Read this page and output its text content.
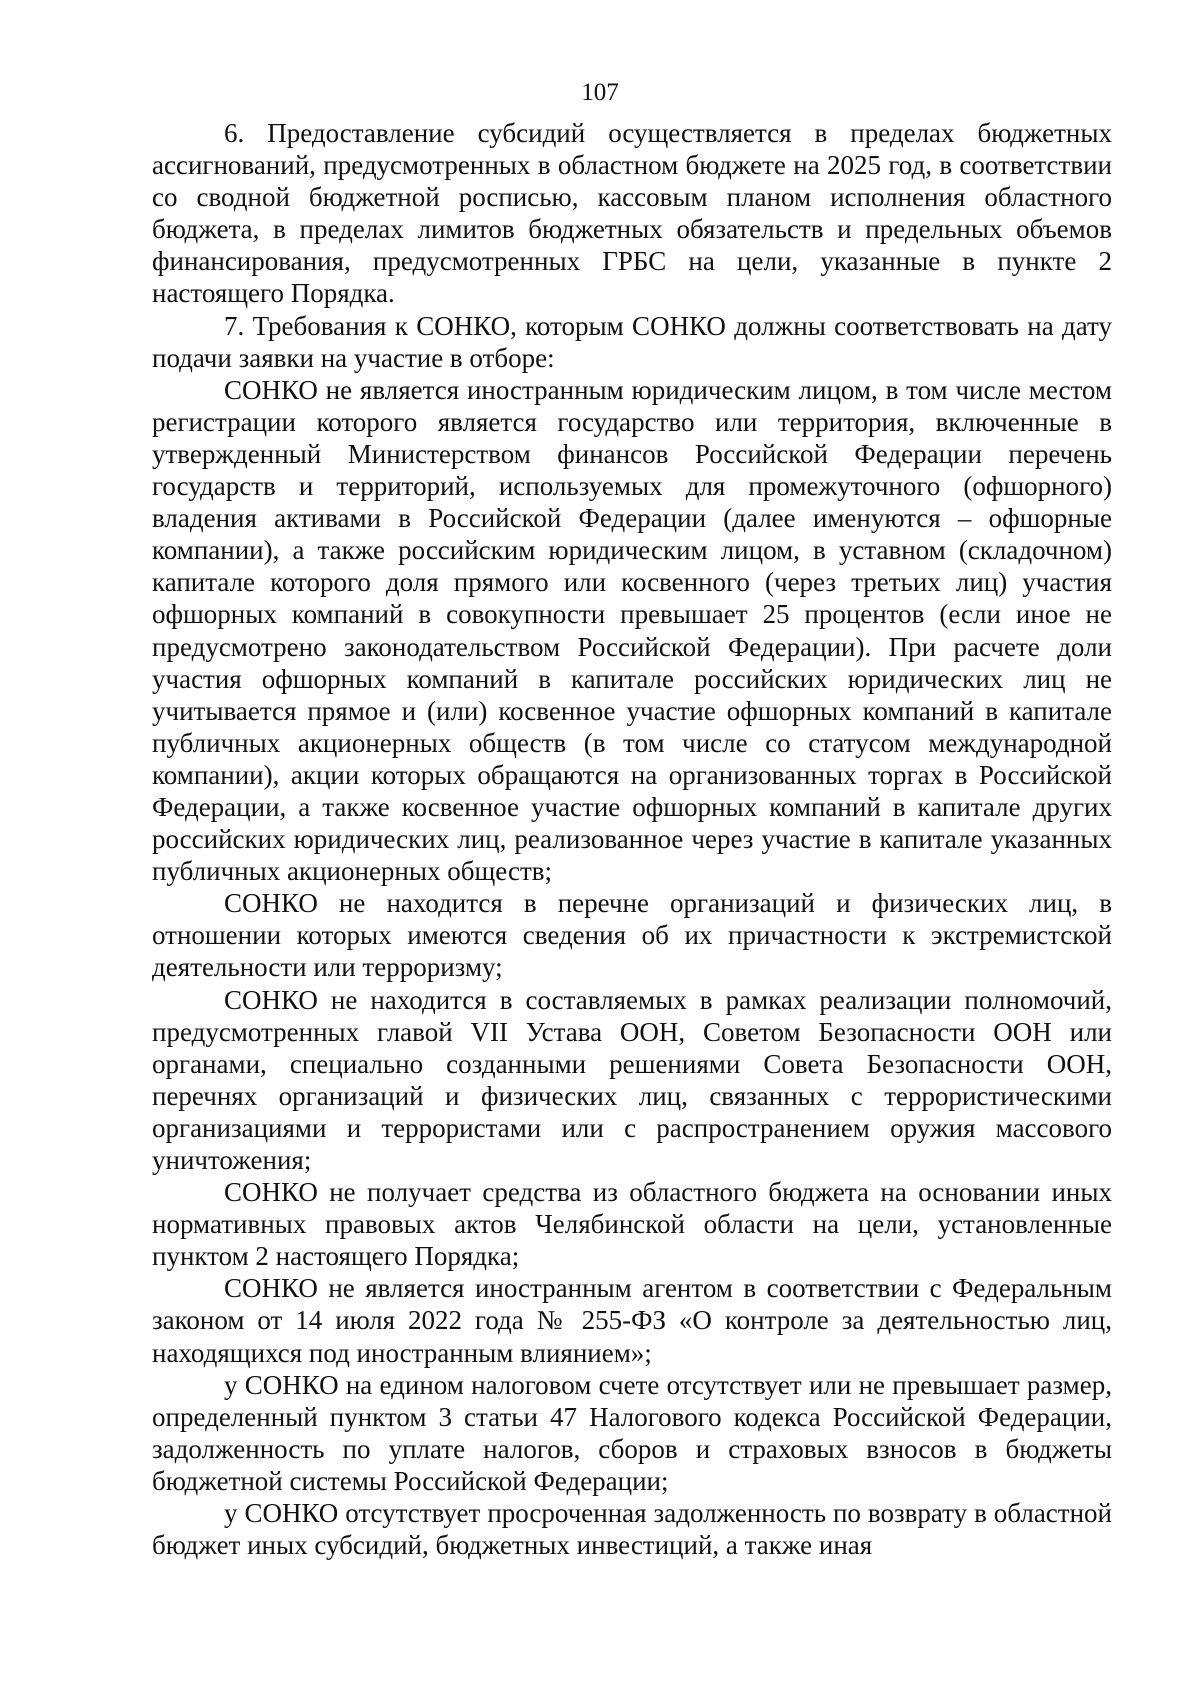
107

6. Предоставление субсидий осуществляется в пределах бюджетных ассигнований, предусмотренных в областном бюджете на 2025 год, в соответствии со сводной бюджетной росписью, кассовым планом исполнения областного бюджета, в пределах лимитов бюджетных обязательств и предельных объемов финансирования, предусмотренных ГРБС на цели, указанные в пункте 2 настоящего Порядка.

7. Требования к СОНКО, которым СОНКО должны соответствовать на дату подачи заявки на участие в отборе:

СОНКО не является иностранным юридическим лицом, в том числе местом регистрации которого является государство или территория, включенные в утвержденный Министерством финансов Российской Федерации перечень государств и территорий, используемых для промежуточного (офшорного) владения активами в Российской Федерации (далее именуются – офшорные компании), а также российским юридическим лицом, в уставном (складочном) капитале которого доля прямого или косвенного (через третьих лиц) участия офшорных компаний в совокупности превышает 25 процентов (если иное не предусмотрено законодательством Российской Федерации). При расчете доли участия офшорных компаний в капитале российских юридических лиц не учитывается прямое и (или) косвенное участие офшорных компаний в капитале публичных акционерных обществ (в том числе со статусом международной компании), акции которых обращаются на организованных торгах в Российской Федерации, а также косвенное участие офшорных компаний в капитале других российских юридических лиц, реализованное через участие в капитале указанных публичных акционерных обществ;

СОНКО не находится в перечне организаций и физических лиц, в отношении которых имеются сведения об их причастности к экстремистской деятельности или терроризму;

СОНКО не находится в составляемых в рамках реализации полномочий, предусмотренных главой VII Устава ООН, Советом Безопасности ООН или органами, специально созданными решениями Совета Безопасности ООН, перечнях организаций и физических лиц, связанных с террористическими организациями и террористами или с распространением оружия массового уничтожения;

СОНКО не получает средства из областного бюджета на основании иных нормативных правовых актов Челябинской области на цели, установленные пунктом 2 настоящего Порядка;

СОНКО не является иностранным агентом в соответствии с Федеральным законом от 14 июля 2022 года № 255-ФЗ «О контроле за деятельностью лиц, находящихся под иностранным влиянием»;

у СОНКО на едином налоговом счете отсутствует или не превышает размер, определенный пунктом 3 статьи 47 Налогового кодекса Российской Федерации, задолженность по уплате налогов, сборов и страховых взносов в бюджеты бюджетной системы Российской Федерации;

у СОНКО отсутствует просроченная задолженность по возврату в областной бюджет иных субсидий, бюджетных инвестиций, а также иная
